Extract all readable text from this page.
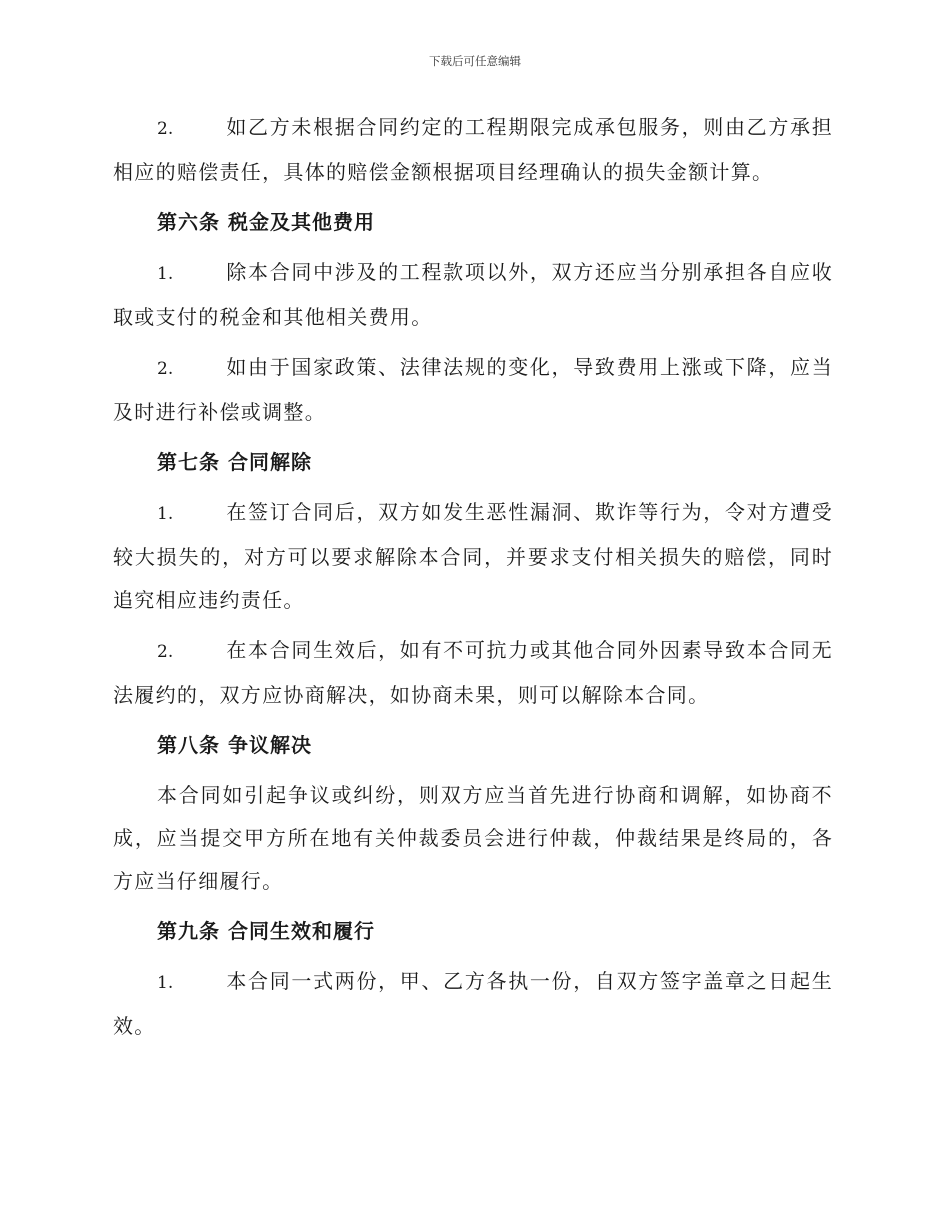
下载后可任意编辑

2.	如乙方未根据合同约定的工程期限完成承包服务，则由乙方承担相应的赔偿责任，具体的赔偿金额根据项目经理确认的损失金额计算。

第六条 税金及其他费用

1.	除本合同中涉及的工程款项以外，双方还应当分别承担各自应收取或支付的税金和其他相关费用。

2.	如由于国家政策、法律法规的变化，导致费用上涨或下降，应当及时进行补偿或调整。

第七条 合同解除

1.	在签订合同后，双方如发生恶性漏洞、欺诈等行为，令对方遭受较大损失的，对方可以要求解除本合同，并要求支付相关损失的赔偿，同时追究相应违约责任。

2.	在本合同生效后，如有不可抗力或其他合同外因素导致本合同无法履约的，双方应协商解决，如协商未果，则可以解除本合同。

第八条 争议解决

本合同如引起争议或纠纷，则双方应当首先进行协商和调解，如协商不成，应当提交甲方所在地有关仲裁委员会进行仲裁，仲裁结果是终局的，各方应当仔细履行。

第九条 合同生效和履行

1.	本合同一式两份，甲、乙方各执一份，自双方签字盖章之日起生效。
